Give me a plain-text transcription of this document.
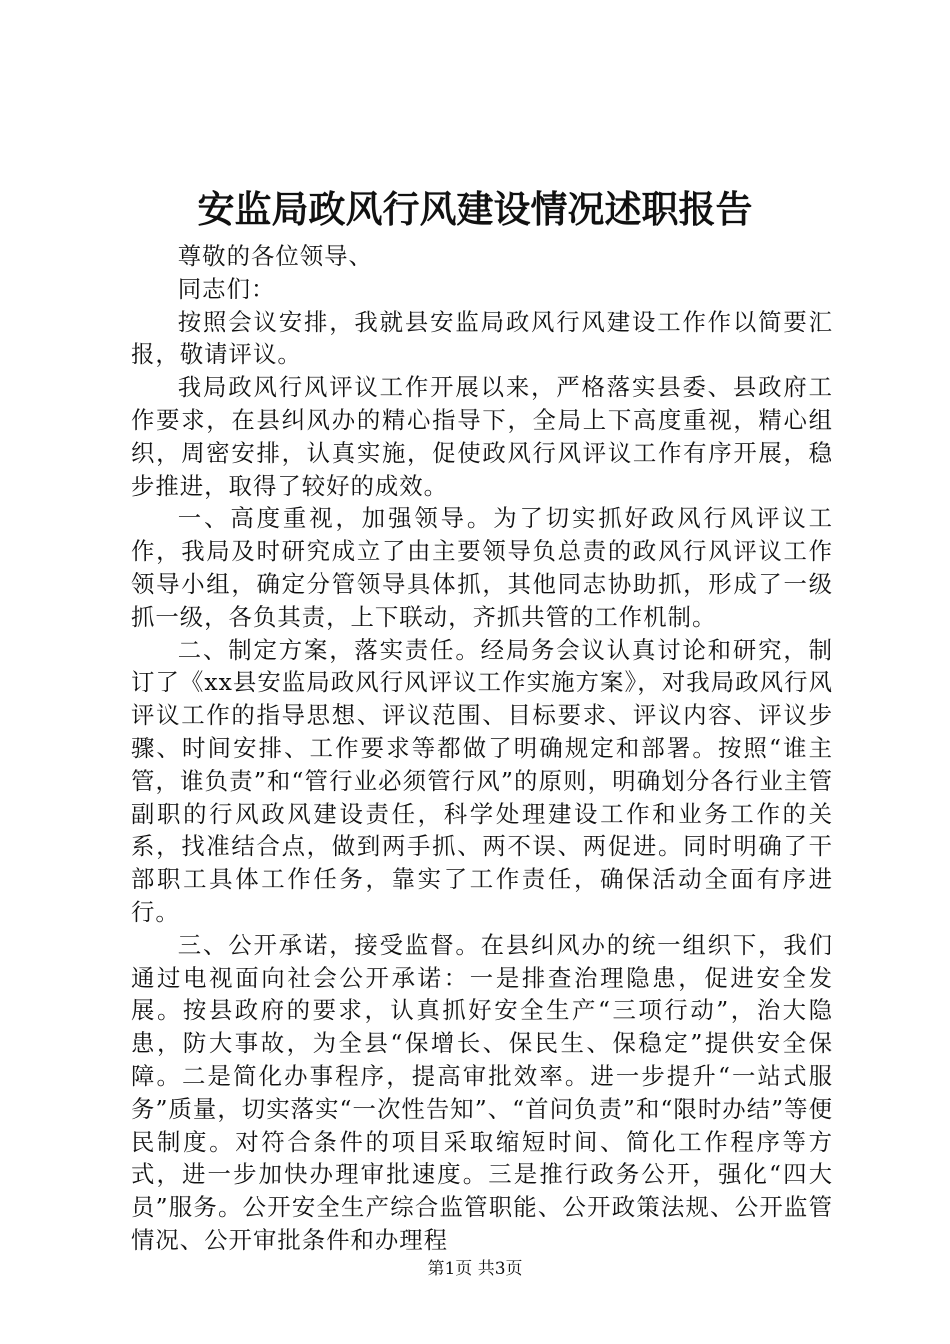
安监局政风行风建设情况述职报告

尊敬的各位领导、

同志们：

按照会议安排，我就县安监局政风行风建设工作作以简要汇报，敬请评议。

我局政风行风评议工作开展以来，严格落实县委、县政府工作要求，在县纠风办的精心指导下，全局上下高度重视，精心组织，周密安排，认真实施，促使政风行风评议工作有序开展，稳步推进，取得了较好的成效。

一、高度重视，加强领导。为了切实抓好政风行风评议工作，我局及时研究成立了由主要领导负总责的政风行风评议工作领导小组，确定分管领导具体抓，其他同志协助抓，形成了一级抓一级，各负其责，上下联动，齐抓共管的工作机制。

二、制定方案，落实责任。经局务会议认真讨论和研究，制订了《xx县安监局政风行风评议工作实施方案》，对我局政风行风评议工作的指导思想、评议范围、目标要求、评议内容、评议步骤、时间安排、工作要求等都做了明确规定和部署。按照“谁主管，谁负责”和“管行业必须管行风”的原则，明确划分各行业主管副职的行风政风建设责任，科学处理建设工作和业务工作的关系，找准结合点，做到两手抓、两不误、两促进。同时明确了干部职工具体工作任务，靠实了工作责任，确保活动全面有序进行。

三、公开承诺，接受监督。在县纠风办的统一组织下，我们通过电视面向社会公开承诺：一是排查治理隐患，促进安全发展。按县政府的要求，认真抓好安全生产“三项行动”，治大隐患，防大事故，为全县“保增长、保民生、保稳定”提供安全保障。二是简化办事程序，提高审批效率。进一步提升“一站式服务”质量，切实落实“一次性告知”、“首问负责”和“限时办结”等便民制度。对符合条件的项目采取缩短时间、简化工作程序等方式，进一步加快办理审批速度。三是推行政务公开，强化“四大员”服务。公开安全生产综合监管职能、公开政策法规、公开监管情况、公开审批条件和办理程

第1页 共3页
